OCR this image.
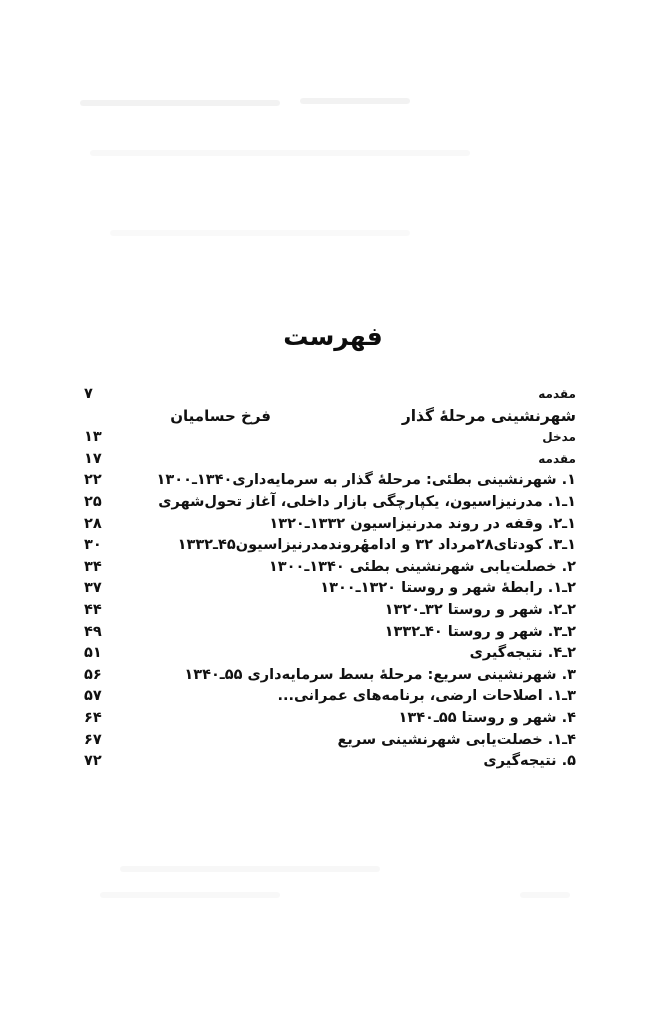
فهرست
مقدمه
۷
شهرنشینی مرحلهٔ گذار
فرخ حسامیان
مدخل
۱۳
مقدمه
۱۷
۱. شهرنشینی بطئی: مرحلهٔ گذار به سرمایه‌داری۱۳۴۰ـ۱۳۰۰
۲۲
۱ـ۱. مدرنیزاسیون، یکپارچگی بازار داخلی، آغاز تحول‌شهری
۲۵
۱ـ۲. وقفه در روند مدرنیزاسیون ۱۳۳۲ـ۱۳۲۰
۲۸
۱ـ۳. کودتای۲۸مرداد ۳۲ و ادامهٔروندمدرنیزاسیون۴۵ـ۱۳۳۲
۳۰
۲. خصلت‌یابی شهرنشینی بطئی ۱۳۴۰ـ۱۳۰۰
۳۴
۲ـ۱. رابطهٔ شهر و روستا ۱۳۲۰ـ۱۳۰۰
۳۷
۲ـ۲. شهر و روستا ۳۲ـ۱۳۲۰
۴۴
۲ـ۳. شهر و روستا ۴۰ـ۱۳۳۲
۴۹
۲ـ۴. نتیجه‌گیری
۵۱
۳. شهرنشینی سریع: مرحلهٔ بسط سرمایه‌داری ۵۵ـ۱۳۴۰
۵۶
۳ـ۱. اصلاحات ارضی، برنامه‌های عمرانی...
۵۷
۴. شهر و روستا ۵۵ـ۱۳۴۰
۶۴
۴ـ۱. خصلت‌یابی شهرنشینی سریع
۶۷
۵. نتیجه‌گیری
۷۲
